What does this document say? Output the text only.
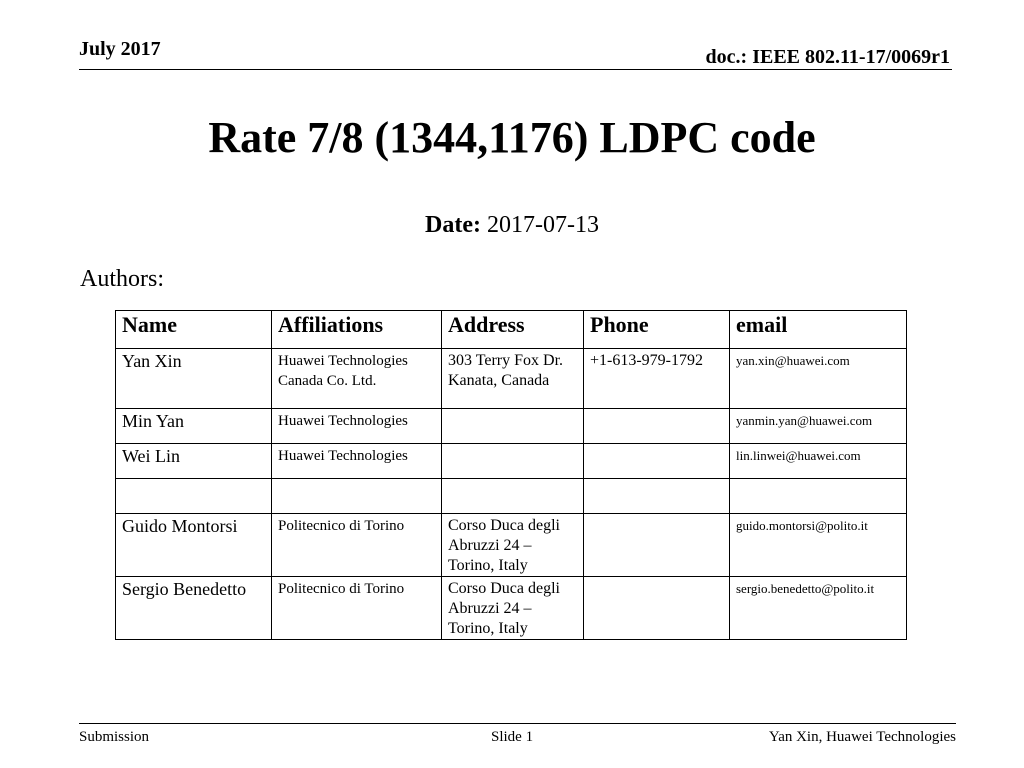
July 2017	doc.: IEEE 802.11-17/0069r1
Rate 7/8 (1344,1176) LDPC code
Date: 2017-07-13
Authors:
Name	Affiliations	Address	Phone	email
Yan Xin	Huawei Technologies Canada Co. Ltd.	303 Terry Fox Dr. Kanata, Canada	+1-613-979-1792	yan.xin@huawei.com
Min Yan	Huawei Technologies			yanmin.yan@huawei.com
Wei Lin	Huawei Technologies			lin.linwei@huawei.com

Guido Montorsi	Politecnico di Torino	Corso Duca degli Abruzzi 24 – Torino, Italy		guido.montorsi@polito.it
Sergio Benedetto	Politecnico di Torino	Corso Duca degli Abruzzi 24 – Torino, Italy		sergio.benedetto@polito.it
Submission	Slide 1	Yan Xin, Huawei Technologies
